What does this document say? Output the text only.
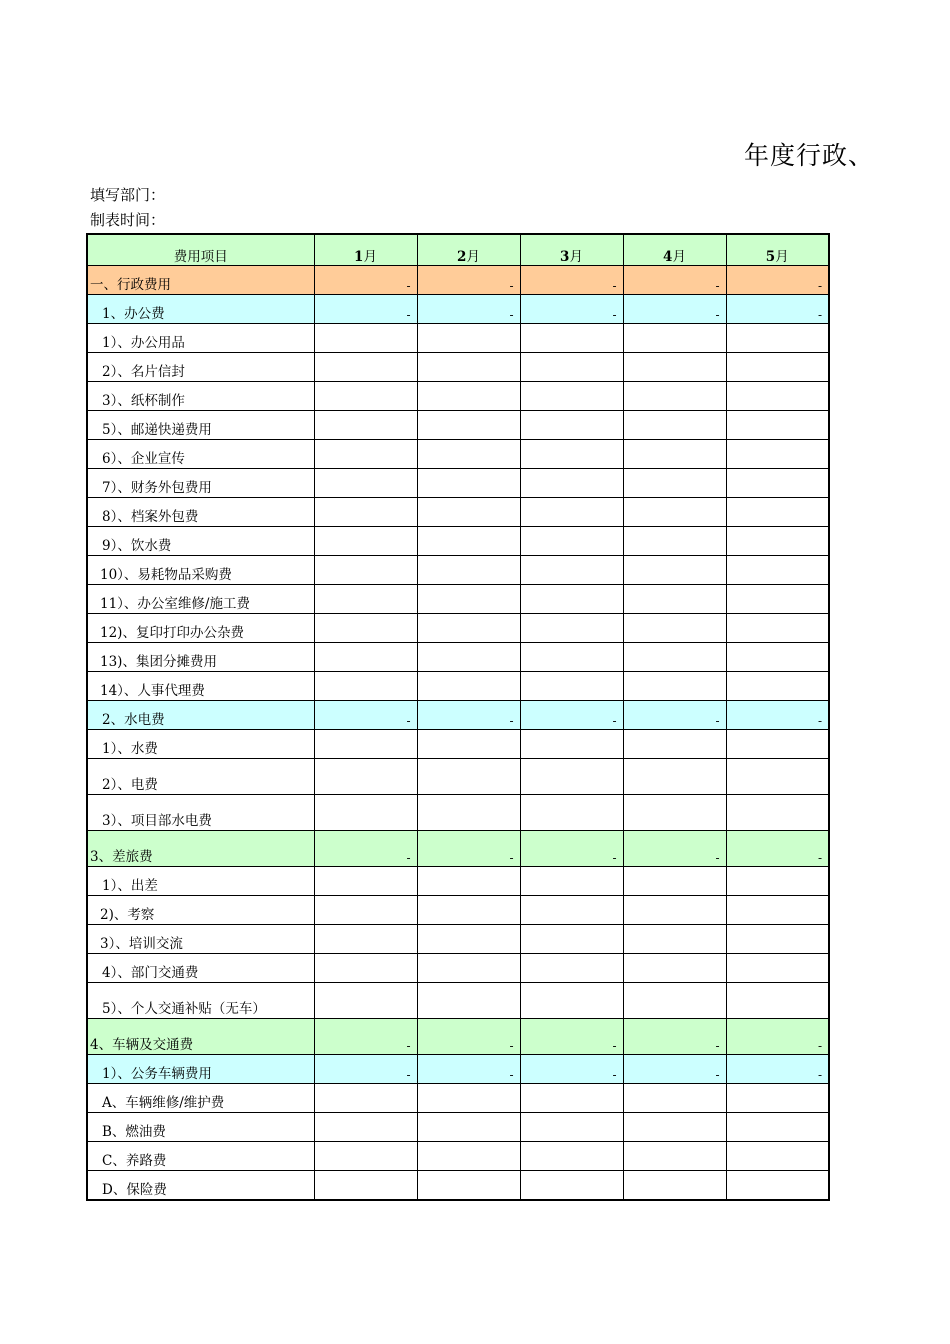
年度行政、
填写部门：
制表时间：
费用项目	1月	2月	3月	4月	5月
一、行政费用	-	-	-	-	-
1、办公费	-	-	-	-	-
1）、办公用品					
2）、名片信封					
3）、纸杯制作					
5）、邮递快递费用					
6）、企业宣传					
7）、财务外包费用					
8）、档案外包费					
9）、饮水费					
10）、易耗物品采购费					
11）、办公室维修/施工费					
12)、复印打印办公杂费					
13)、集团分摊费用					
14）、人事代理费					
2、水电费	-	-	-	-	-
1）、水费					
2）、电费					
3）、项目部水电费					
3、差旅费	-	-	-	-	-
1）、出差					
2)、考察					
3）、培训交流					
4）、部门交通费					
5）、个人交通补贴（无车）					
4、车辆及交通费	-	-	-	-	-
1）、公务车辆费用	-	-	-	-	-
A、车辆维修/维护费					
B、燃油费					
C、养路费					
D、保险费					
